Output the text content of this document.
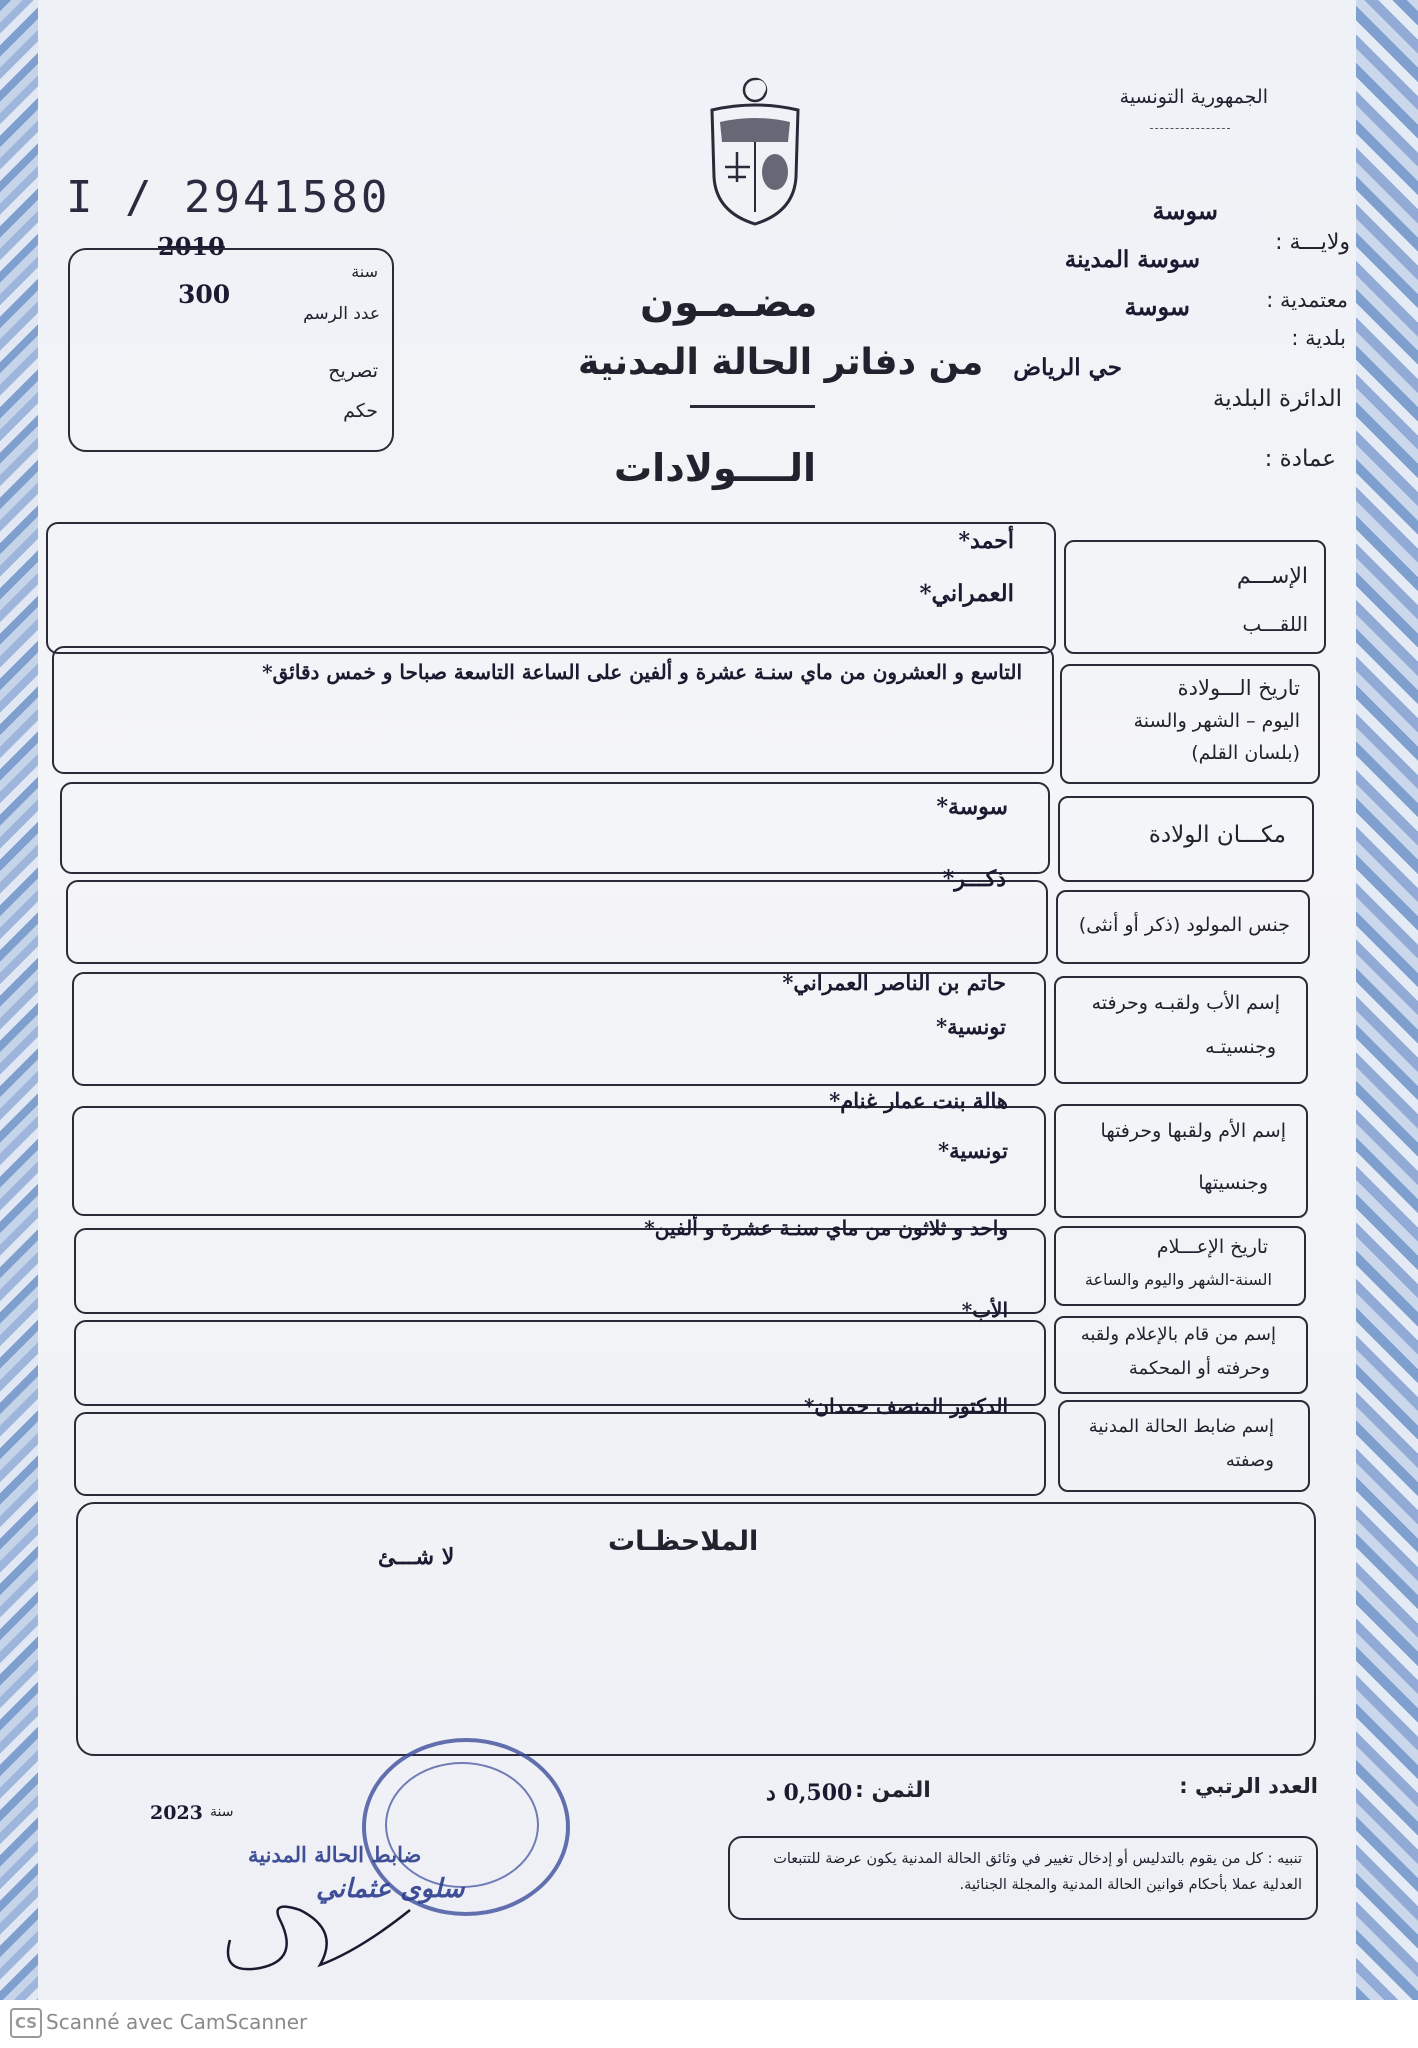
الجمهورية التونسية
ولايـــة :
سوسة
سوسة المدينة
معتمدية :
سوسة
بلدية :
حي الرياض
الدائرة البلدية
عمادة :
I / 2941580
2010
سنة
300
عدد الرسم
تصريح
حكم
مضـمـون
من دفاتر الحالة المدنية
الــــولادات
أحمد*
العمراني*
الإســـم
اللقـــب
التاسع و العشرون من ماي سنـة عشرة و ألفين على الساعة التاسعة صباحا و خمس دقائق*
تاريخ الـــولادة
اليوم – الشهر والسنة
(بلسان القلم)
سوسة*
مكـــان الولادة
ذكـــر*
جنس المولود (ذكر أو أنثى)
حاتم بن الناصر العمراني*
تونسية*
إسم الأب ولقبـه وحرفته
وجنسيتـه
هالة بنت عمار غنام*
تونسية*
إسم الأم ولقبها وحرفتها
وجنسيتها
واحد و ثلاثون من ماي سنـة عشرة و ألفين*
تاريخ الإعـــلام
السنة-الشهر واليوم والساعة
الأب*
إسم من قام بالإعلام ولقبه
وحرفته أو المحكمة
الدكتور المنصف حمدان*
إسم ضابط الحالة المدنية
وصفته
الملاحظـات
لا شـــئ
العدد الرتبي :
الثمن :
0,500 د
2023 سنة
ضابط الحالة المدنية
سلوى عثماني
تنبيه : كل من يقوم بالتدليس أو إدخال تغيير في وثائق الحالة المدنية يكون عرضة للتتبعات العدلية عملا بأحكام قوانين الحالة المدنية والمجلة الجنائية.
CS Scanné avec CamScanner
